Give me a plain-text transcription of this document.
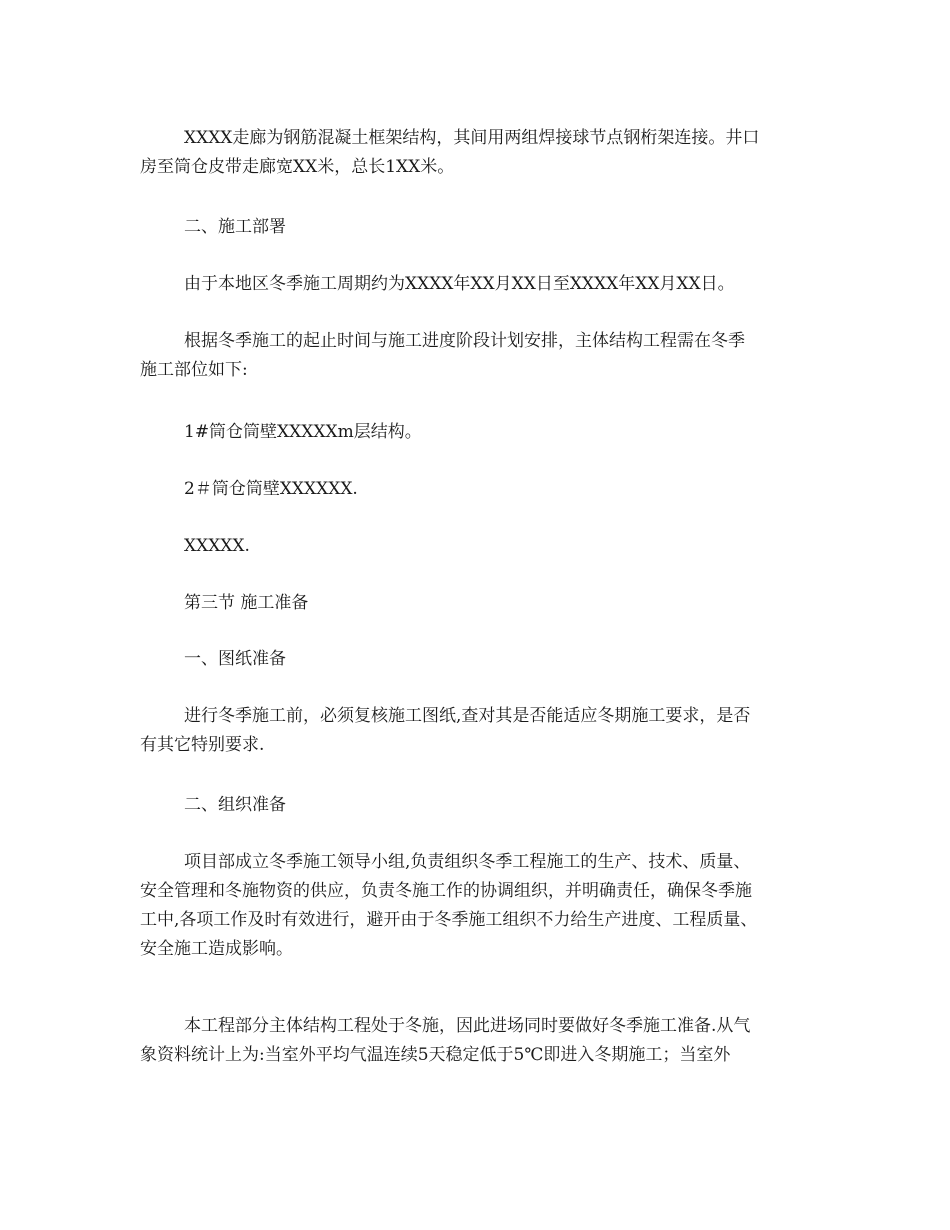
XXXX走廊为钢筋混凝土框架结构，其间用两组焊接球节点钢桁架连接。井口
房至筒仓皮带走廊宽XX米，总长1XX米。

二、施工部署

由于本地区冬季施工周期约为XXXX年XX月XX日至XXXX年XX月XX日。

根据冬季施工的起止时间与施工进度阶段计划安排，主体结构工程需在冬季
施工部位如下:

1#筒仓筒壁XXXXXm层结构。

2＃筒仓筒壁XXXXXX.

XXXXX.

第三节 施工准备

一、图纸准备

进行冬季施工前，必须复核施工图纸,查对其是否能适应冬期施工要求，是否
有其它特别要求.

二、组织准备

项目部成立冬季施工领导小组,负责组织冬季工程施工的生产、技术、质量、
安全管理和冬施物资的供应，负责冬施工作的协调组织，并明确责任，确保冬季施
工中,各项工作及时有效进行，避开由于冬季施工组织不力给生产进度、工程质量、
安全施工造成影响。

本工程部分主体结构工程处于冬施，因此进场同时要做好冬季施工准备.从气
象资料统计上为:当室外平均气温连续5天稳定低于5℃即进入冬期施工；当室外
